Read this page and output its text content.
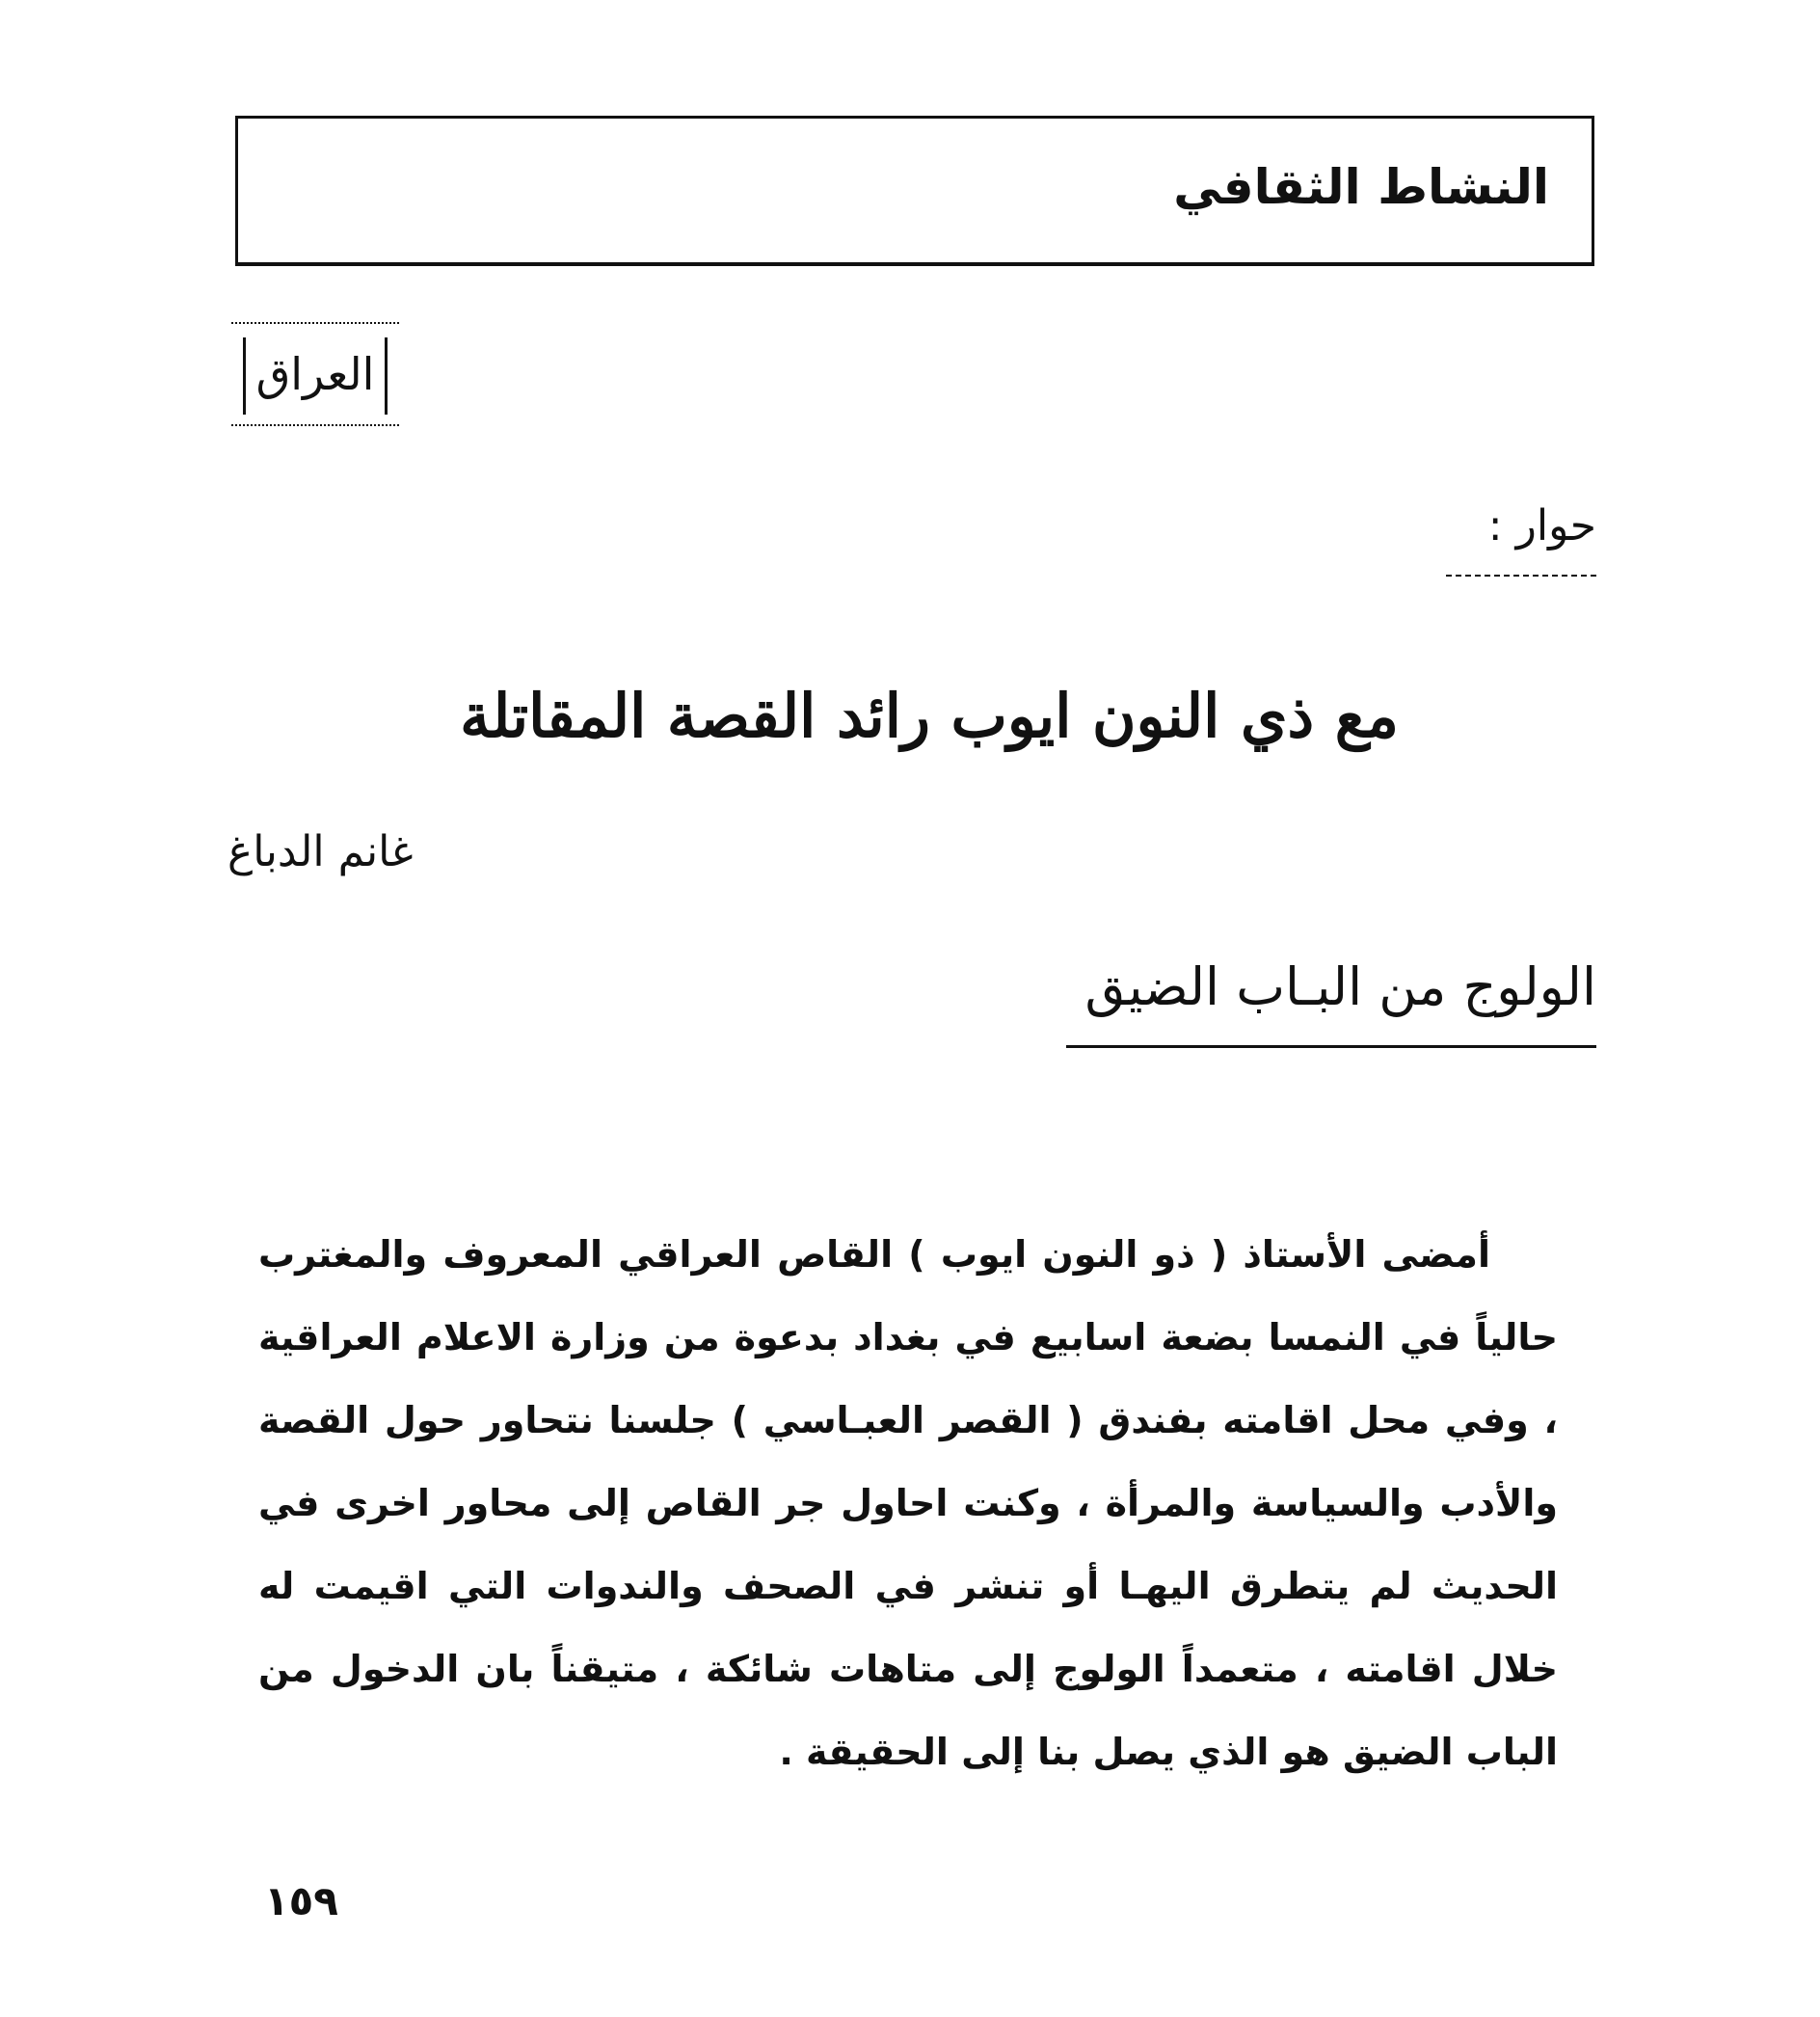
النشاط الثقافي
العراق
حوار :
مع ذي النون ايوب رائد القصة المقاتلة
غانم الدباغ
الولوج من البـاب الضيق

أمضى الأستاذ ( ذو النون ايوب ) القاص العراقي المعروف والمغترب حالياً في النمسا بضعة اسابيع في بغداد بدعوة من وزارة الاعلام العراقية ، وفي محل اقامته بفندق ( القصر العبـاسي ) جلسنا نتحاور حول القصة والأدب والسياسة والمرأة ، وكنت احاول جر القاص إلى محاور اخرى في الحديث لم يتطرق اليهـا أو تنشر في الصحف والندوات التي اقيمت له خلال اقامته ، متعمداً الولوج إلى متاهات شائكة ، متيقناً بان الدخول من الباب الضيق هو الذي يصل بنا إلى الحقيقة .

١٥٩
